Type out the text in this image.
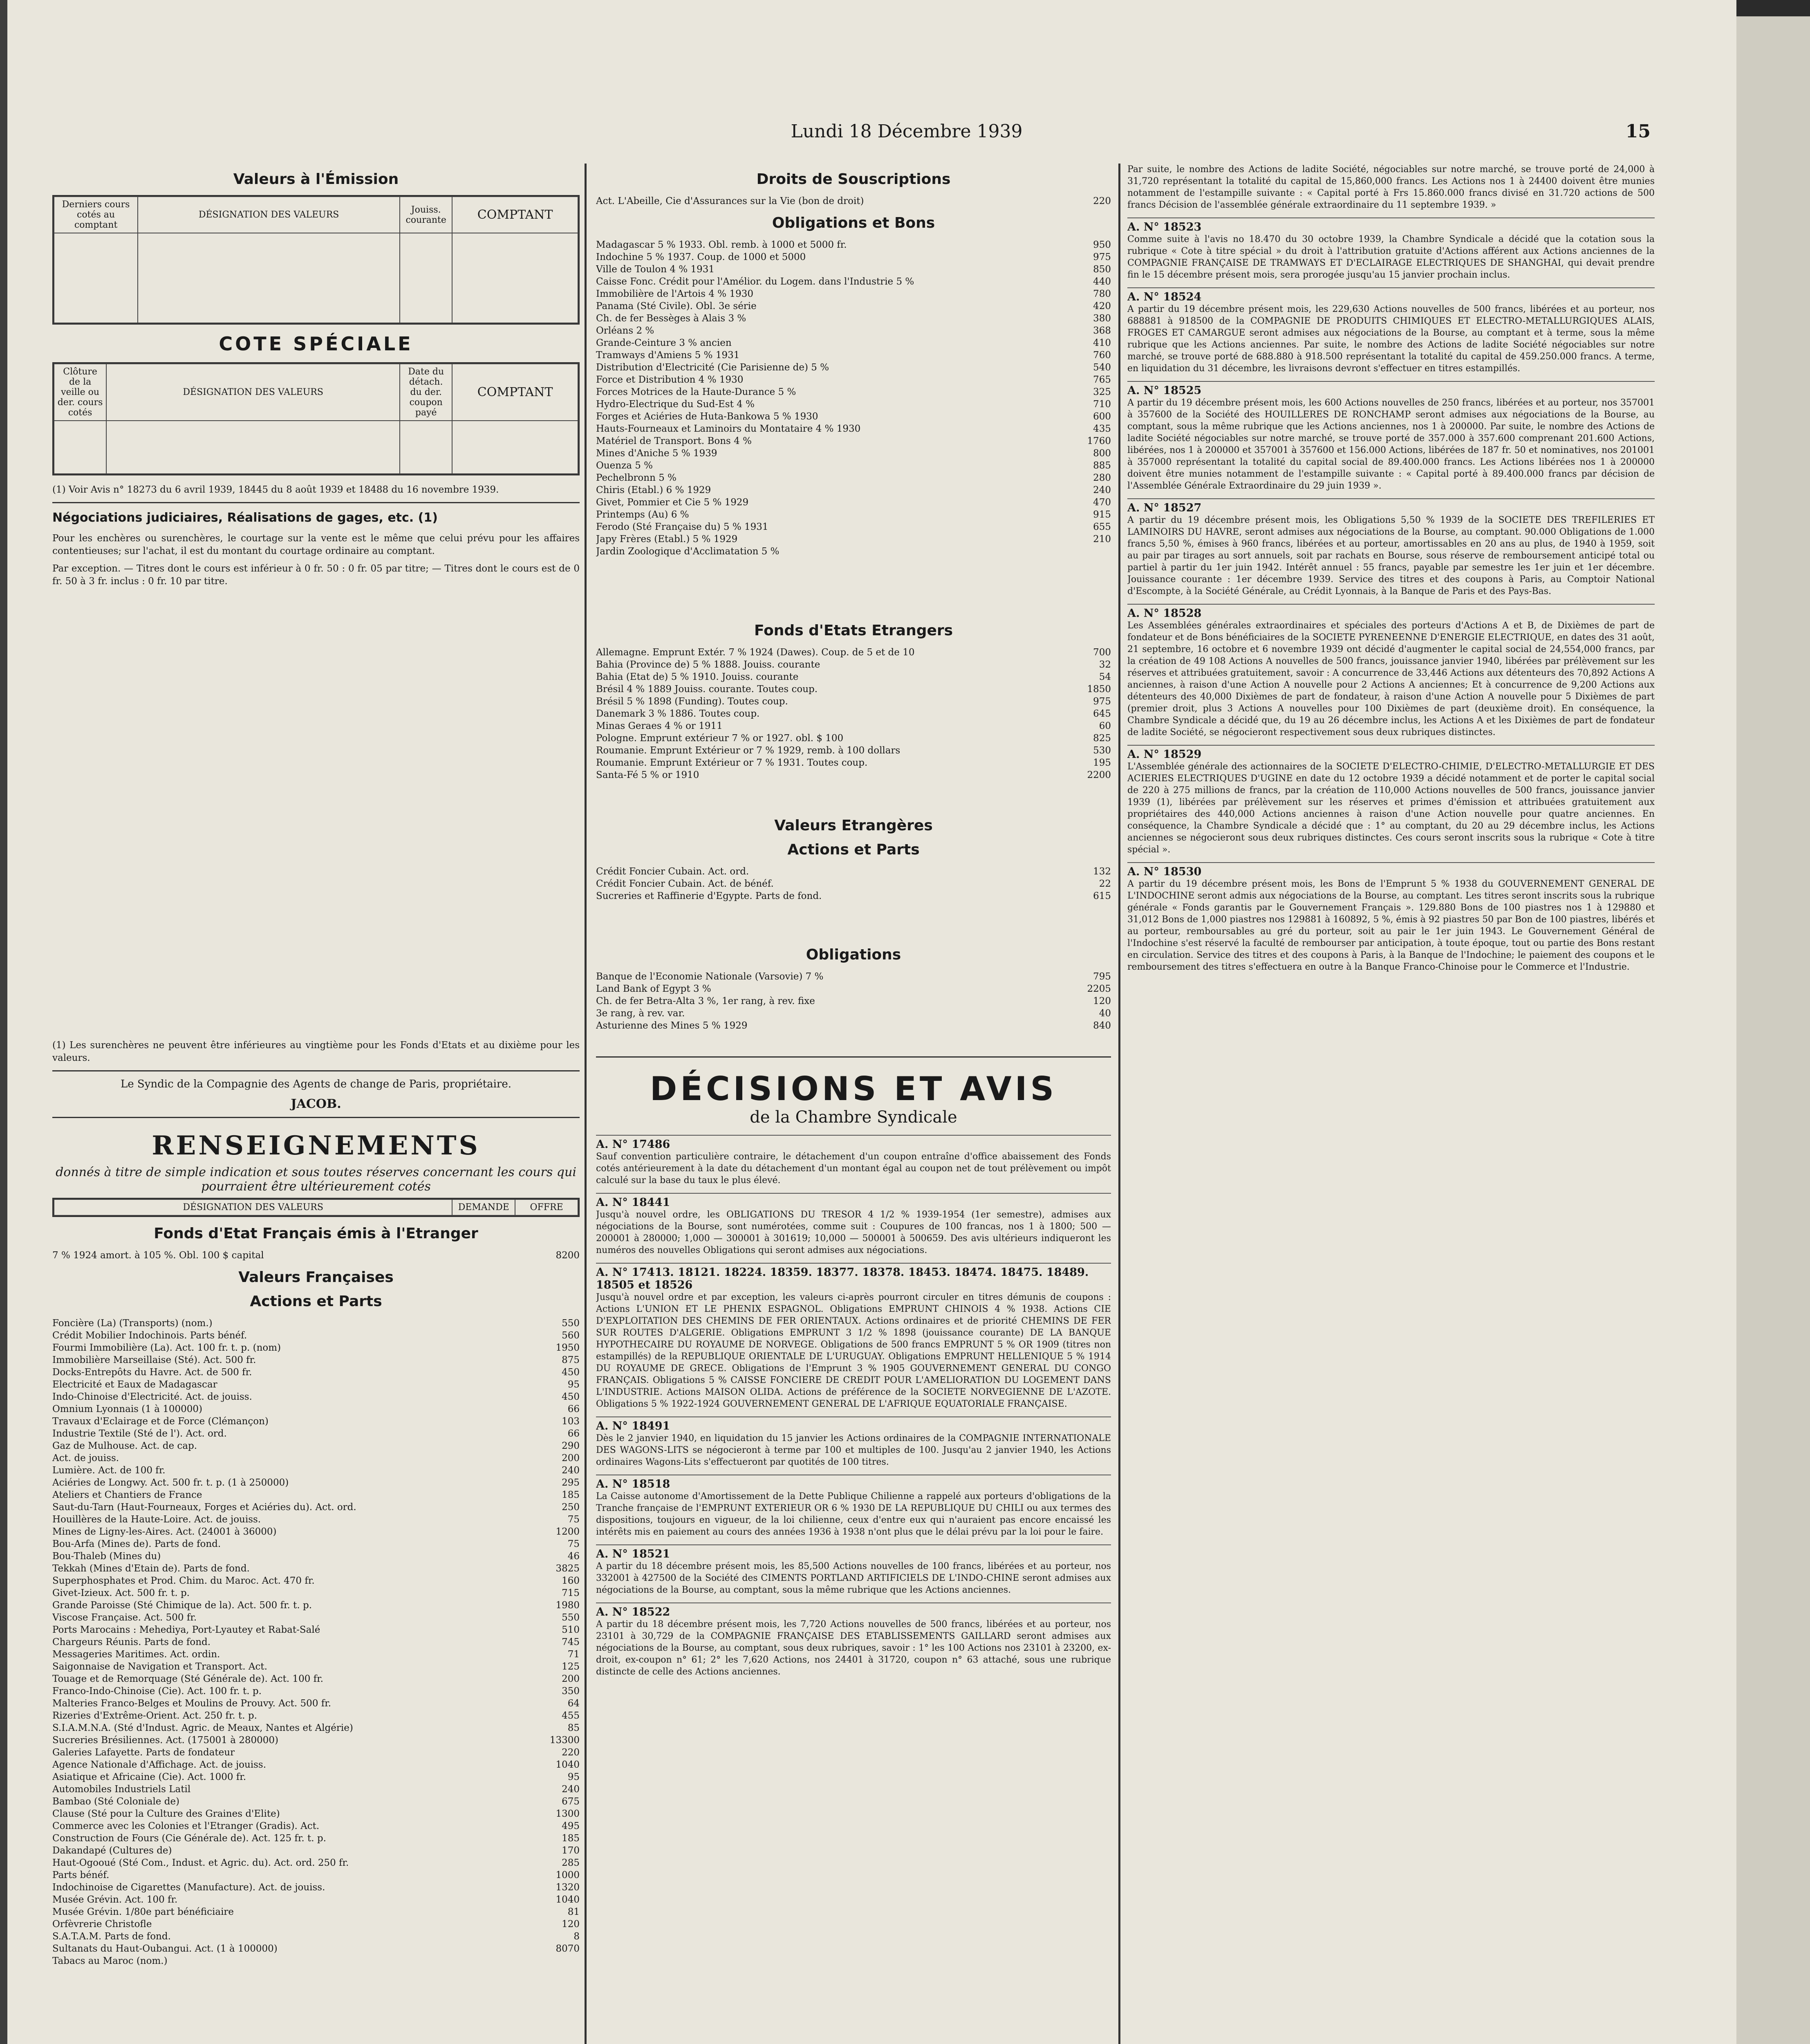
Lundi 18 Décembre 1939	15
Valeurs à l'Émission
Derniers cours cotés au comptant	DÉSIGNATION DES VALEURS	Jouiss. courante	COMPTANT

COTE SPÉCIALE
Clôture de la veille ou der. cours cotés	DÉSIGNATION DES VALEURS	Date du détach. du der. coupon payé	COMPTANT

(1) Voir Avis n° 18273 du 6 avril 1939, 18445 du 8 août 1939 et 18488 du 16 novembre 1939.
Négociations judiciaires, Réalisations de gages, etc. (1)
Pour les enchères ou surenchères, le courtage sur la vente est le même que celui prévu pour les affaires contentieuses; sur l'achat, il est du montant du courtage ordinaire au comptant.
Par exception. — Titres dont le cours est inférieur à 0 fr. 50 : 0 fr. 05 par titre; — Titres dont le cours est de 0 fr. 50 à 3 fr. inclus : 0 fr. 10 par titre.
(1) Les surenchères ne peuvent être inférieures au vingtième pour les Fonds d'Etats et au dixième pour les valeurs.
Le Syndic de la Compagnie des Agents de change de Paris, propriétaire.
JACOB.
RENSEIGNEMENTS
donnés à titre de simple indication et sous toutes réserves concernant les cours qui pourraient être ultérieurement cotés
DÉSIGNATION DES VALEURS	DEMANDE	OFFRE
Fonds d'Etat Français émis à l'Etranger
7 % 1924 amort. à 105 %. Obl. 100 $ capital	8200
Valeurs Françaises
Actions et Parts
Foncière (La) (Transports) (nom.)	550
Crédit Mobilier Indochinois. Parts bénéf.	560
Fourmi Immobilière (La). Act. 100 fr. t. p. (nom)	1950
Immobilière Marseillaise (Sté). Act. 500 fr.	875
Docks-Entrepôts du Havre. Act. de 500 fr.	450
Electricité et Eaux de Madagascar	95
Indo-Chinoise d'Electricité. Act. de jouiss.	450
Omnium Lyonnais (1 à 100000)	66
Travaux d'Eclairage et de Force (Clémançon)	103
Industrie Textile (Sté de l'). Act. ord.	66
Gaz de Mulhouse. Act. de cap.	290
Act. de jouiss.	200
Lumière. Act. de 100 fr.	240
Aciéries de Longwy. Act. 500 fr. t. p. (1 à 250000)	295
Ateliers et Chantiers de France	185
Saut-du-Tarn (Haut-Fourneaux, Forges et Aciéries du). Act. ord.	250
Houillères de la Haute-Loire. Act. de jouiss.	75
Mines de Ligny-les-Aires. Act. (24001 à 36000)	1200
Bou-Arfa (Mines de). Parts de fond.	75
Bou-Thaleb (Mines du)	46
Tekkah (Mines d'Etain de). Parts de fond.	3825
Superphosphates et Prod. Chim. du Maroc. Act. 470 fr.	160
Givet-Izieux. Act. 500 fr. t. p.	715
Grande Paroisse (Sté Chimique de la). Act. 500 fr. t. p.	1980
Viscose Française. Act. 500 fr.	550
Ports Marocains : Mehediya, Port-Lyautey et Rabat-Salé	510
Chargeurs Réunis. Parts de fond.	745
Messageries Maritimes. Act. ordin.	71
Saigonnaise de Navigation et Transport. Act.	125
Touage et de Remorquage (Sté Générale de). Act. 100 fr.	200
Franco-Indo-Chinoise (Cie). Act. 100 fr. t. p.	350
Malteries Franco-Belges et Moulins de Prouvy. Act. 500 fr.	64
Rizeries d'Extrême-Orient. Act. 250 fr. t. p.	455
S.I.A.M.N.A. (Sté d'Indust. Agric. de Meaux, Nantes et Algérie)	85
Sucreries Brésiliennes. Act. (175001 à 280000)	13300
Galeries Lafayette. Parts de fondateur	220
Agence Nationale d'Affichage. Act. de jouiss.	1040
Asiatique et Africaine (Cie). Act. 1000 fr.	95
Automobiles Industriels Latil	240
Bambao (Sté Coloniale de)	675
Clause (Sté pour la Culture des Graines d'Elite)	1300
Commerce avec les Colonies et l'Etranger (Gradis). Act.	495
Construction de Fours (Cie Générale de). Act. 125 fr. t. p.	185
Dakandapé (Cultures de)	170
Haut-Ogooué (Sté Com., Indust. et Agric. du). Act. ord. 250 fr.	285
Parts bénéf.	1000
Indochinoise de Cigarettes (Manufacture). Act. de jouiss.	1320
Musée Grévin. Act. 100 fr.	1040
Musée Grévin. 1/80e part bénéficiaire	81
Orfèvrerie Christofle	120
S.A.T.A.M. Parts de fond.	8
Sultanats du Haut-Oubangui. Act. (1 à 100000)	8070
Tabacs au Maroc (nom.)
Droits de Souscriptions
Act. L'Abeille, Cie d'Assurances sur la Vie (bon de droit)	220
Obligations et Bons
Madagascar 5 % 1933. Obl. remb. à 1000 et 5000 fr.	950
Indochine 5 % 1937. Coup. de 1000 et 5000	975
Ville de Toulon 4 % 1931	850
Caisse Fonc. Crédit pour l'Amélior. du Logem. dans l'Industrie 5 %	440
Immobilière de l'Artois 4 % 1930	780
Panama (Sté Civile). Obl. 3e série	420
Ch. de fer Bessèges à Alais 3 %	380
Orléans 2 %	368
Grande-Ceinture 3 % ancien	410
Tramways d'Amiens 5 % 1931	760
Distribution d'Electricité (Cie Parisienne de) 5 %	540
Force et Distribution 4 % 1930	765
Forces Motrices de la Haute-Durance 5 %	325
Hydro-Electrique du Sud-Est 4 %	710
Forges et Aciéries de Huta-Bankowa 5 % 1930	600
Hauts-Fourneaux et Laminoirs du Montataire 4 % 1930	435
Matériel de Transport. Bons 4 %	1760
Mines d'Aniche 5 % 1939	800
Ouenza 5 %	885
Pechelbronn 5 %	280
Chiris (Etabl.) 6 % 1929	240
Givet, Pommier et Cie 5 % 1929	470
Printemps (Au) 6 %	915
Ferodo (Sté Française du) 5 % 1931	655
Japy Frères (Etabl.) 5 % 1929	210
Jardin Zoologique d'Acclimatation 5 %
Fonds d'Etats Etrangers
Allemagne. Emprunt Extér. 7 % 1924 (Dawes). Coup. de 5 et de 10	700
Bahia (Province de) 5 % 1888. Jouiss. courante	32
Bahia (Etat de) 5 % 1910. Jouiss. courante	54
Brésil 4 % 1889 Jouiss. courante. Toutes coup.	1850
Brésil 5 % 1898 (Funding). Toutes coup.	975
Danemark 3 % 1886. Toutes coup.	645
Minas Geraes 4 % or 1911	60
Pologne. Emprunt extérieur 7 % or 1927. obl. $ 100	825
Roumanie. Emprunt Extérieur or 7 % 1929, remb. à 100 dollars	530
Roumanie. Emprunt Extérieur or 7 % 1931. Toutes coup.	195
Santa-Fé 5 % or 1910	2200
Valeurs Etrangères
Actions et Parts
Crédit Foncier Cubain. Act. ord.	132
Crédit Foncier Cubain. Act. de bénéf.	22
Sucreries et Raffinerie d'Egypte. Parts de fond.	615
Obligations
Banque de l'Economie Nationale (Varsovie) 7 %	795
Land Bank of Egypt 3 %	2205
Ch. de fer Betra-Alta 3 %, 1er rang, à rev. fixe	120
3e rang, à rev. var.	40
Asturienne des Mines 5 % 1929	840
DÉCISIONS ET AVIS
de la Chambre Syndicale
A. N° 17486
Sauf convention particulière contraire, le détachement d'un coupon entraîne d'office abaissement des Fonds cotés antérieurement à la date du détachement d'un montant égal au coupon net de tout prélèvement ou impôt calculé sur la base du taux le plus élevé.
A. N° 18441
Jusqu'à nouvel ordre, les OBLIGATIONS DU TRESOR 4 1/2 % 1939-1954 (1er semestre), admises aux négociations de la Bourse, sont numérotées, comme suit : Coupures de 100 francas, nos 1 à 1800; 500 — 200001 à 280000; 1,000 — 300001 à 301619; 10,000 — 500001 à 500659. Des avis ultérieurs indiqueront les numéros des nouvelles Obligations qui seront admises aux négociations.
A. N° 17413. 18121. 18224. 18359. 18377. 18378. 18453. 18474. 18475. 18489. 18505 et 18526
Jusqu'à nouvel ordre et par exception, les valeurs ci-après pourront circuler en titres démunis de coupons : Actions L'UNION ET LE PHENIX ESPAGNOL. Obligations EMPRUNT CHINOIS 4 % 1938. Actions CIE D'EXPLOITATION DES CHEMINS DE FER ORIENTAUX. Actions ordinaires et de priorité CHEMINS DE FER SUR ROUTES D'ALGERIE. Obligations EMPRUNT 3 1/2 % 1898 (jouissance courante) DE LA BANQUE HYPOTHECAIRE DU ROYAUME DE NORVEGE. Obligations de 500 francs EMPRUNT 5 % OR 1909 (titres non estampillés) de la REPUBLIQUE ORIENTALE DE L'URUGUAY. Obligations EMPRUNT HELLENIQUE 5 % 1914 DU ROYAUME DE GRECE. Obligations de l'Emprunt 3 % 1905 GOUVERNEMENT GENERAL DU CONGO FRANÇAIS. Obligations 5 % CAISSE FONCIERE DE CREDIT POUR L'AMELIORATION DU LOGEMENT DANS L'INDUSTRIE. Actions MAISON OLIDA. Actions de préférence de la SOCIETE NORVEGIENNE DE L'AZOTE. Obligations 5 % 1922-1924 GOUVERNEMENT GENERAL DE L'AFRIQUE EQUATORIALE FRANÇAISE.
A. N° 18491
Dès le 2 janvier 1940, en liquidation du 15 janvier les Actions ordinaires de la COMPAGNIE INTERNATIONALE DES WAGONS-LITS se négocieront à terme par 100 et multiples de 100. Jusqu'au 2 janvier 1940, les Actions ordinaires Wagons-Lits s'effectueront par quotités de 100 titres.
A. N° 18518
La Caisse autonome d'Amortissement de la Dette Publique Chilienne a rappelé aux porteurs d'obligations de la Tranche française de l'EMPRUNT EXTERIEUR OR 6 % 1930 DE LA REPUBLIQUE DU CHILI ou aux termes des dispositions, toujours en vigueur, de la loi chilienne, ceux d'entre eux qui n'auraient pas encore encaissé les intérêts mis en paiement au cours des années 1936 à 1938 n'ont plus que le délai prévu par la loi pour le faire.
A. N° 18521
A partir du 18 décembre présent mois, les 85,500 Actions nouvelles de 100 francs, libérées et au porteur, nos 332001 à 427500 de la Société des CIMENTS PORTLAND ARTIFICIELS DE L'INDO-CHINE seront admises aux négociations de la Bourse, au comptant, sous la même rubrique que les Actions anciennes.
A. N° 18522
A partir du 18 décembre présent mois, les 7,720 Actions nouvelles de 500 francs, libérées et au porteur, nos 23101 à 30,729 de la COMPAGNIE FRANÇAISE DES ETABLISSEMENTS GAILLARD seront admises aux négociations de la Bourse, au comptant, sous deux rubriques, savoir : 1° les 100 Actions nos 23101 à 23200, ex-droit, ex-coupon n° 61; 2° les 7,620 Actions, nos 24401 à 31720, coupon n° 63 attaché, sous une rubrique distincte de celle des Actions anciennes.
Par suite, le nombre des Actions de ladite Société, négociables sur notre marché, se trouve porté de 24,000 à 31,720 représentant la totalité du capital de 15,860,000 francs. Les Actions nos 1 à 24400 doivent être munies notamment de l'estampille suivante : « Capital porté à Frs 15.860.000 francs divisé en 31.720 actions de 500 francs Décision de l'assemblée générale extraordinaire du 11 septembre 1939. »
A. N° 18523
Comme suite à l'avis no 18.470 du 30 octobre 1939, la Chambre Syndicale a décidé que la cotation sous la rubrique « Cote à titre spécial » du droit à l'attribution gratuite d'Actions afférent aux Actions anciennes de la COMPAGNIE FRANÇAISE DE TRAMWAYS ET D'ECLAIRAGE ELECTRIQUES DE SHANGHAI, qui devait prendre fin le 15 décembre présent mois, sera prorogée jusqu'au 15 janvier prochain inclus.
A. N° 18524
A partir du 19 décembre présent mois, les 229,630 Actions nouvelles de 500 francs, libérées et au porteur, nos 688881 à 918500 de la COMPAGNIE DE PRODUITS CHIMIQUES ET ELECTRO-METALLURGIQUES ALAIS, FROGES ET CAMARGUE seront admises aux négociations de la Bourse, au comptant et à terme, sous la même rubrique que les Actions anciennes. Par suite, le nombre des Actions de ladite Société négociables sur notre marché, se trouve porté de 688.880 à 918.500 représentant la totalité du capital de 459.250.000 francs. A terme, en liquidation du 31 décembre, les livraisons devront s'effectuer en titres estampillés.
A. N° 18525
A partir du 19 décembre présent mois, les 600 Actions nouvelles de 250 francs, libérées et au porteur, nos 357001 à 357600 de la Société des HOUILLERES DE RONCHAMP seront admises aux négociations de la Bourse, au comptant, sous la même rubrique que les Actions anciennes, nos 1 à 200000. Par suite, le nombre des Actions de ladite Société négociables sur notre marché, se trouve porté de 357.000 à 357.600 comprenant 201.600 Actions, libérées, nos 1 à 200000 et 357001 à 357600 et 156.000 Actions, libérées de 187 fr. 50 et nominatives, nos 201001 à 357000 représentant la totalité du capital social de 89.400.000 francs. Les Actions libérées nos 1 à 200000 doivent être munies notamment de l'estampille suivante : « Capital porté à 89.400.000 francs par décision de l'Assemblée Générale Extraordinaire du 29 juin 1939 ».
A. N° 18527
A partir du 19 décembre présent mois, les Obligations 5,50 % 1939 de la SOCIETE DES TREFILERIES ET LAMINOIRS DU HAVRE, seront admises aux négociations de la Bourse, au comptant. 90.000 Obligations de 1.000 francs 5,50 %, émises à 960 francs, libérées et au porteur, amortissables en 20 ans au plus, de 1940 à 1959, soit au pair par tirages au sort annuels, soit par rachats en Bourse, sous réserve de remboursement anticipé total ou partiel à partir du 1er juin 1942. Intérêt annuel : 55 francs, payable par semestre les 1er juin et 1er décembre. Jouissance courante : 1er décembre 1939. Service des titres et des coupons à Paris, au Comptoir National d'Escompte, à la Société Générale, au Crédit Lyonnais, à la Banque de Paris et des Pays-Bas.
A. N° 18528
Les Assemblées générales extraordinaires et spéciales des porteurs d'Actions A et B, de Dixièmes de part de fondateur et de Bons bénéficiaires de la SOCIETE PYRENEENNE D'ENERGIE ELECTRIQUE, en dates des 31 août, 21 septembre, 16 octobre et 6 novembre 1939 ont décidé d'augmenter le capital social de 24,554,000 francs, par la création de 49 108 Actions A nouvelles de 500 francs, jouissance janvier 1940, libérées par prélèvement sur les réserves et attribuées gratuitement, savoir : A concurrence de 33,446 Actions aux détenteurs des 70,892 Actions A anciennes, à raison d'une Action A nouvelle pour 2 Actions A anciennes; Et à concurrence de 9,200 Actions aux détenteurs des 40,000 Dixièmes de part de fondateur, à raison d'une Action A nouvelle pour 5 Dixièmes de part (premier droit, plus 3 Actions A nouvelles pour 100 Dixièmes de part (deuxième droit). En conséquence, la Chambre Syndicale a décidé que, du 19 au 26 décembre inclus, les Actions A et les Dixièmes de part de fondateur de ladite Société, se négocieront respectivement sous deux rubriques distinctes.
A. N° 18529
L'Assemblée générale des actionnaires de la SOCIETE D'ELECTRO-CHIMIE, D'ELECTRO-METALLURGIE ET DES ACIERIES ELECTRIQUES D'UGINE en date du 12 octobre 1939 a décidé notamment et de porter le capital social de 220 à 275 millions de francs, par la création de 110,000 Actions nouvelles de 500 francs, jouissance janvier 1939 (1), libérées par prélèvement sur les réserves et primes d'émission et attribuées gratuitement aux propriétaires des 440,000 Actions anciennes à raison d'une Action nouvelle pour quatre anciennes. En conséquence, la Chambre Syndicale a décidé que : 1° au comptant, du 20 au 29 décembre inclus, les Actions anciennes se négocieront sous deux rubriques distinctes. Ces cours seront inscrits sous la rubrique « Cote à titre spécial ».
A. N° 18530
A partir du 19 décembre présent mois, les Bons de l'Emprunt 5 % 1938 du GOUVERNEMENT GENERAL DE L'INDOCHINE seront admis aux négociations de la Bourse, au comptant. Les titres seront inscrits sous la rubrique générale « Fonds garantis par le Gouvernement Français ». 129.880 Bons de 100 piastres nos 1 à 129880 et 31,012 Bons de 1,000 piastres nos 129881 à 160892, 5 %, émis à 92 piastres 50 par Bon de 100 piastres, libérés et au porteur, remboursables au gré du porteur, soit au pair le 1er juin 1943. Le Gouvernement Général de l'Indochine s'est réservé la faculté de rembourser par anticipation, à toute époque, tout ou partie des Bons restant en circulation. Service des titres et des coupons à Paris, à la Banque de l'Indochine; le paiement des coupons et le remboursement des titres s'effectuera en outre à la Banque Franco-Chinoise pour le Commerce et l'Industrie.
